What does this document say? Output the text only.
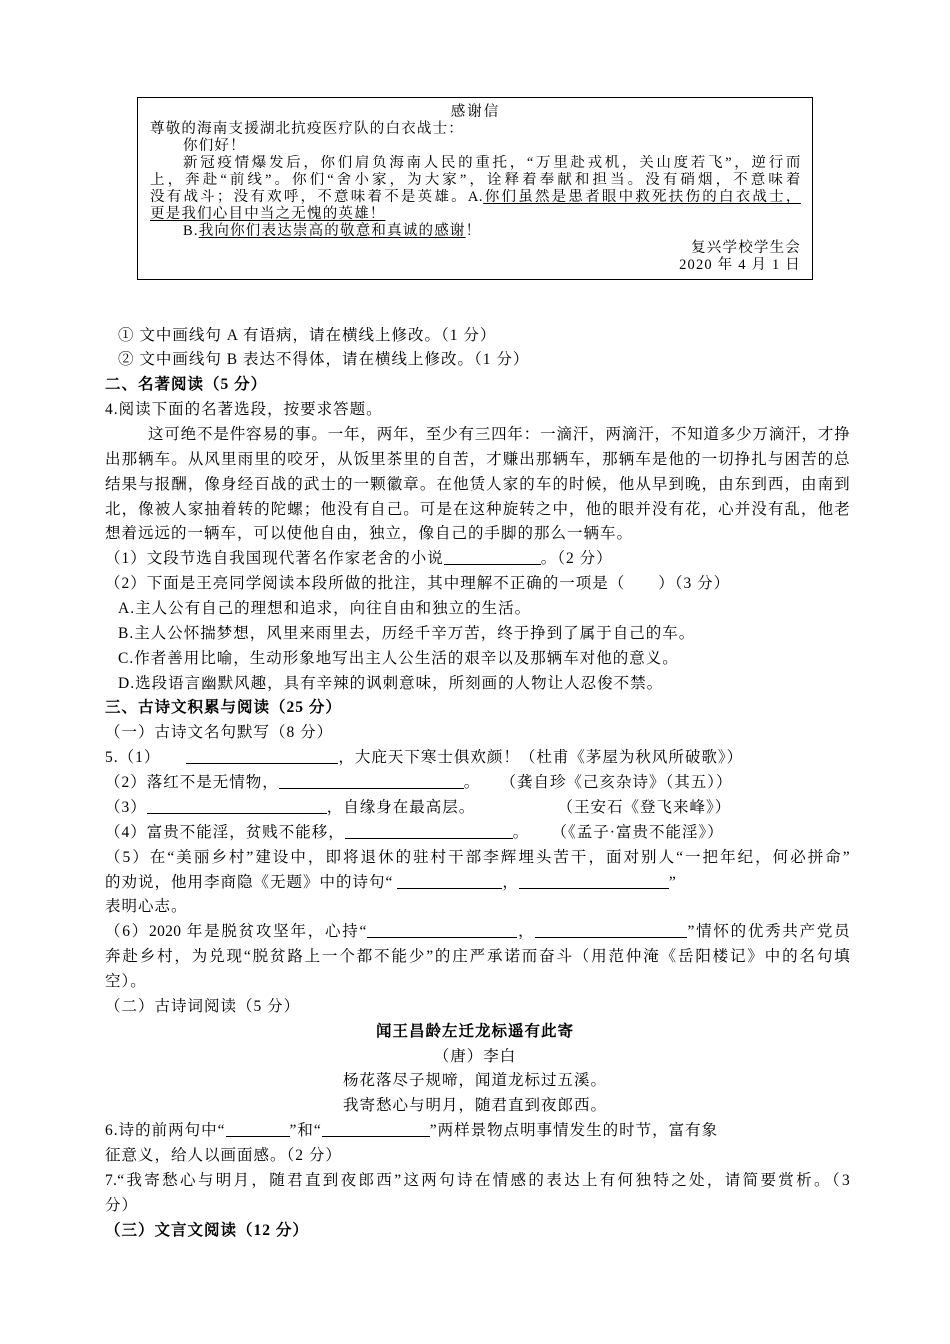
感谢信
尊敬的海南支援湖北抗疫医疗队的白衣战士：
你们好！
新冠疫情爆发后，你们肩负海南人民的重托，“万里赴戎机，关山度若飞”，逆行而
上，奔赴“前线”。你们“舍小家，为大家”，诠释着奉献和担当。没有硝烟，不意味着
没有战斗；没有欢呼，不意味着不是英雄。A.你们虽然是患者眼中救死扶伤的白衣战士，
更是我们心目中当之无愧的英雄！
B.我向你们表达崇高的敬意和真诚的感谢！
复兴学校学生会
2020 年 4 月 1 日
① 文中画线句 A 有语病，请在横线上修改。（1 分）
② 文中画线句 B 表达不得体，请在横线上修改。（1 分）
二、名著阅读（5 分）
4.阅读下面的名著选段，按要求答题。
这可绝不是件容易的事。一年，两年，至少有三四年：一滴汗，两滴汗，不知道多少万滴汗，才挣
出那辆车。从风里雨里的咬牙，从饭里茶里的自苦，才赚出那辆车，那辆车是他的一切挣扎与困苦的总
结果与报酬，像身经百战的武士的一颗徽章。在他赁人家的车的时候，他从早到晚，由东到西，由南到
北，像被人家抽着转的陀螺；他没有自己。可是在这种旋转之中，他的眼并没有花，心并没有乱，他老
想着远远的一辆车，可以使他自由，独立，像自己的手脚的那么一辆车。
（1）文段节选自我国现代著名作家老舍的小说	。（2 分）
（2）下面是王亮同学阅读本段所做的批注，其中理解不正确的一项是（　　）（3 分）
A.主人公有自己的理想和追求，向往自由和独立的生活。
B.主人公怀揣梦想，风里来雨里去，历经千辛万苦，终于挣到了属于自己的车。
C.作者善用比喻，生动形象地写出主人公生活的艰辛以及那辆车对他的意义。
D.选段语言幽默风趣，具有辛辣的讽刺意味，所刻画的人物让人忍俊不禁。
三、古诗文积累与阅读（25 分）
（一）古诗文名句默写（8 分）
5.（1）	，大庇天下寒士俱欢颜！（杜甫《茅屋为秋风所破歌》）
（2）落红不是无情物，	。 （龚自珍《己亥杂诗》（其五））
（3）	，自缘身在最高层。	（王安石《登飞来峰》）
（4）富贵不能淫，贫贱不能移，	。 （《孟子·富贵不能淫》）
（5）在“美丽乡村”建设中，即将退休的驻村干部李辉埋头苦干，面对别人“一把年纪，何必拼命”
的劝说，他用李商隐《无题》中的诗句“	，	”
表明心志。
（6）2020 年是脱贫攻坚年，心持“	，	”情怀的优秀共产党员
奔赴乡村，为兑现“脱贫路上一个都不能少”的庄严承诺而奋斗（用范仲淹《岳阳楼记》中的名句填
空）。
（二）古诗词阅读（5 分）
闻王昌龄左迁龙标遥有此寄
（唐）李白
杨花落尽子规啼，闻道龙标过五溪。
我寄愁心与明月，随君直到夜郎西。
6.诗的前两句中“	”和“	”两样景物点明事情发生的时节，富有象
征意义，给人以画面感。（2 分）
7.“我寄愁心与明月，随君直到夜郎西”这两句诗在情感的表达上有何独特之处，请简要赏析。（3
分）
（三）文言文阅读（12 分）
